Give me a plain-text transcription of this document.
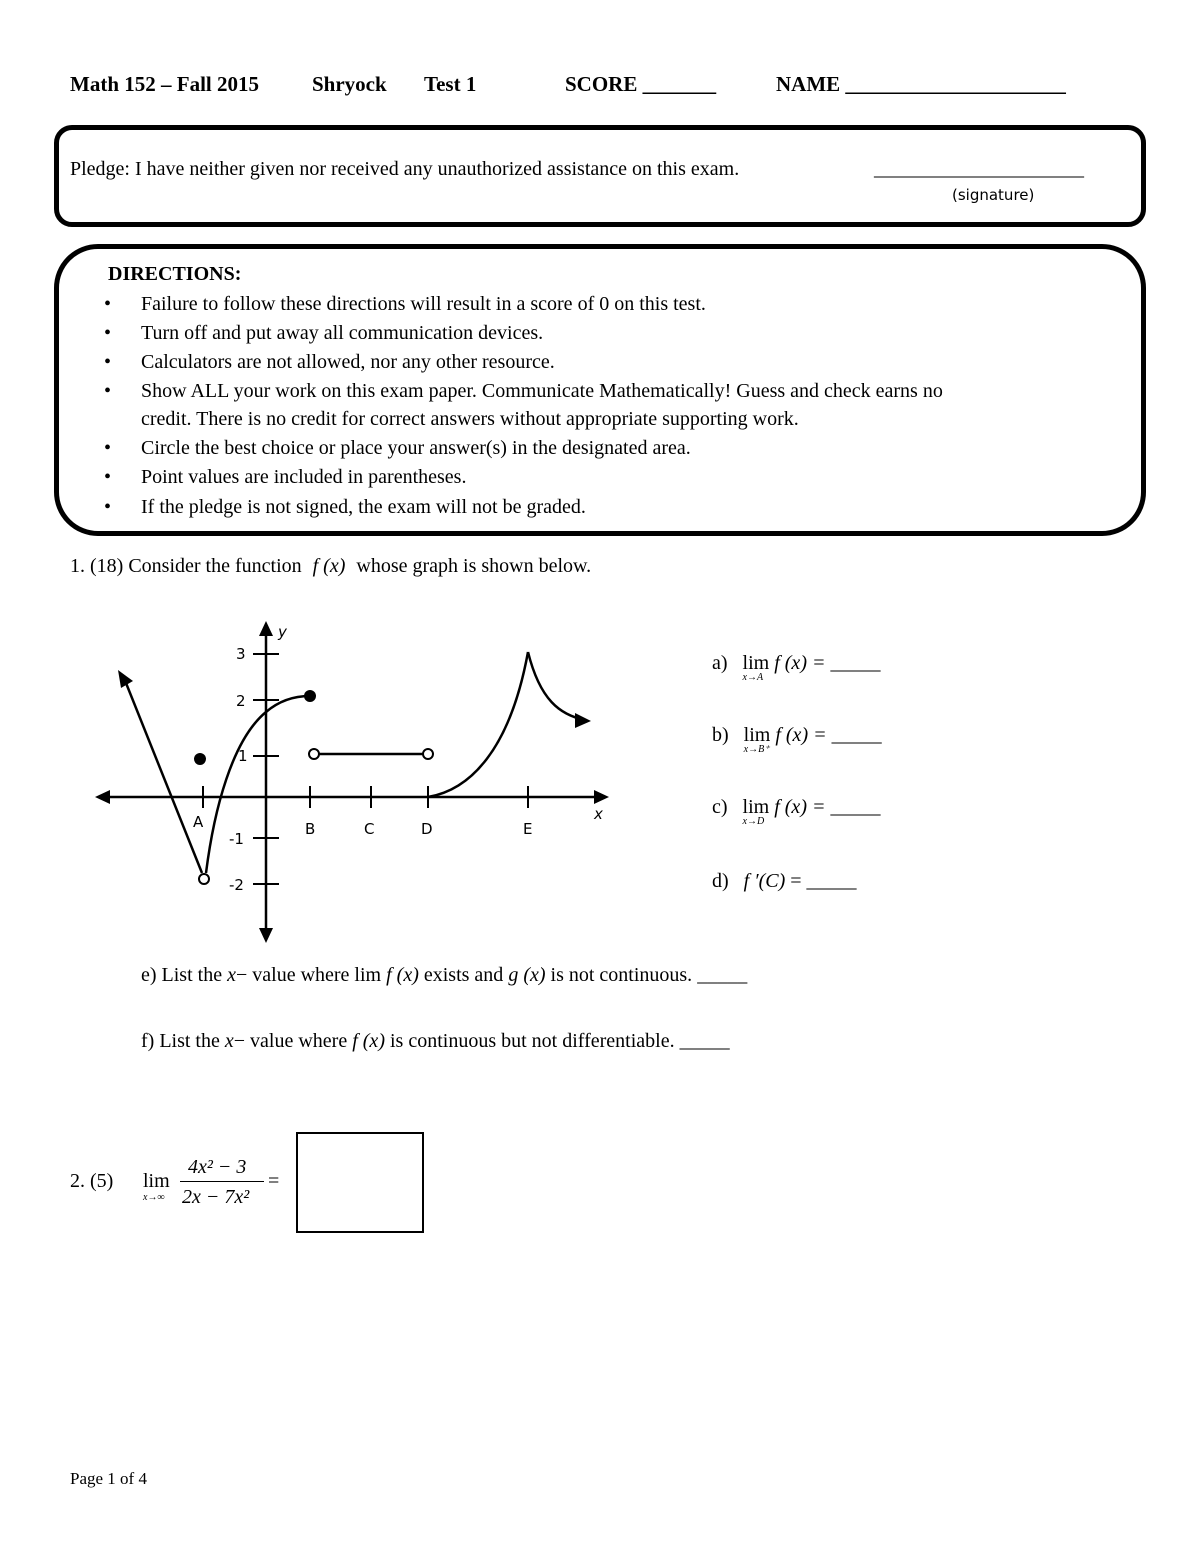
Math 152 – Fall 2015	Shryock Test 1	SCORE _______	NAME _____________________
Pledge: I have neither given nor received any unauthorized assistance on this exam.	_____________________
(signature)
DIRECTIONS:
• Failure to follow these directions will result in a score of 0 on this test.
• Turn off and put away all communication devices.
• Calculators are not allowed, nor any other resource.
• Show ALL your work on this exam paper. Communicate Mathematically! Guess and check earns no
credit. There is no credit for correct answers without appropriate supporting work.
• Circle the best choice or place your answer(s) in the designated area.
• Point values are included in parentheses.
• If the pledge is not signed, the exam will not be graded.
1. (18) Consider the function f (x) whose graph is shown below.
3
2
1
-1
-2
A	B	C	D	E
y
x
a) lim
x→A
f (x) = _____
b) lim
x→B⁺
f (x) = _____
c) lim
x→D
f (x) = _____
d) f ′(C) = _____
e) List the x− value where lim f (x) exists and g (x) is not continuous. _____
f) List the x− value where f (x) is continuous but not differentiable. _____
2. (5) lim
x→∞
4x² − 3
2x − 7x²
=
Page 1 of 4
